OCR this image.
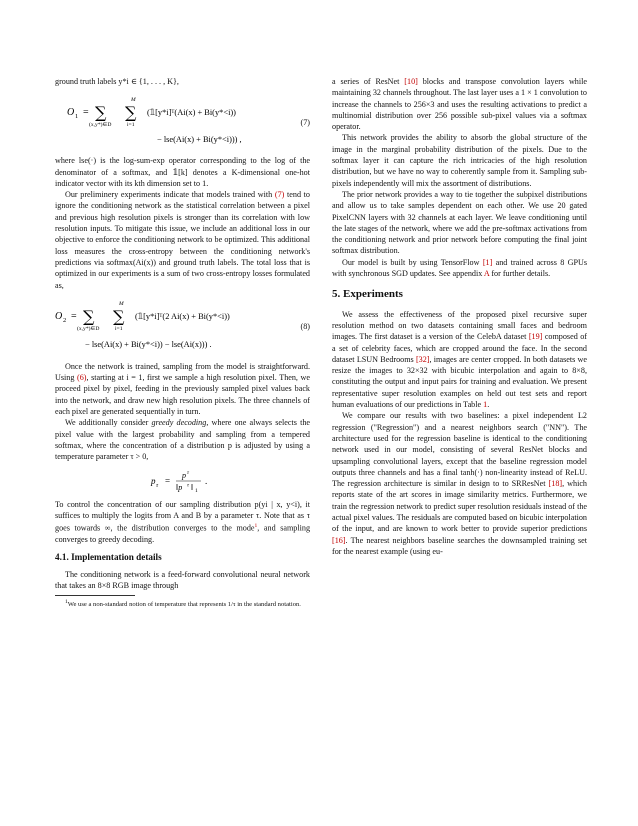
ground truth labels y*i ∈ {1, . . . , K},

O 1 = ∑
(x,y*)∈D
M
∑
i=1
(𝟙[y*i]ᵀ(Ai(x) + Bi(y*<i))
− lse(Ai(x) + Bi(y*<i))) ,
(7)

where lse(·) is the log-sum-exp operator corresponding to the log of the denominator of a softmax, and 𝟙[k] denotes a K-dimensional one-hot indicator vector with its kth dimension set to 1.

Our preliminery experiments indicate that models trained with (7) tend to ignore the conditioning network as the statistical correlation between a pixel and previous high resolution pixels is stronger than its correlation with low resolution inputs. To mitigate this issue, we include an additional loss in our objective to enforce the conditioning network to be optimized. This additional loss measures the cross-entropy between the conditioning network's predictions via softmax(Ai(x)) and ground truth labels. The total loss that is optimized in our experiments is a sum of two cross-entropy losses formulated as,

O 2 = ∑
(x,y*)∈D
M
∑
i=1
(𝟙[y*i]ᵀ(2 Ai(x) + Bi(y*<i))
− lse(Ai(x) + Bi(y*<i)) − lse(Ai(x))) .
(8)

Once the network is trained, sampling from the model is straightforward. Using (6), starting at i = 1, first we sample a high resolution pixel. Then, we proceed pixel by pixel, feeding in the previously sampled pixel values back into the network, and draw new high resolution pixels. The three channels of each pixel are generated sequentially in turn.

We additionally consider greedy decoding, where one always selects the pixel value with the largest probability and sampling from a tempered softmax, where the concentration of a distribution p is adjusted by using a temperature parameter τ > 0,

p τ =
p τ
‖p τ ‖ 1
.

To control the concentration of our sampling distribution p(yi | x, y<i), it suffices to multiply the logits from A and B by a parameter τ. Note that as τ goes towards ∞, the distribution converges to the mode$^1$, and sampling converges to greedy decoding.

4.1. Implementation details

The conditioning network is a feed-forward convolutional neural network that takes an 8×8 RGB image through

$^1$We use a non-standard notion of temperature that represents 1/τ in the standard notation.

a series of ResNet [10] blocks and transpose convolution layers while maintaining 32 channels throughout. The last layer uses a 1 × 1 convolution to increase the channels to 256×3 and uses the resulting activations to predict a multinomial distribution over 256 possible sub-pixel values via a softmax operator.

This network provides the ability to absorb the global structure of the image in the marginal probability distribution of the pixels. Due to the softmax layer it can capture the rich intricacies of the high resolution distribution, but we have no way to coherently sample from it. Sampling sub-pixels independently will mix the assortment of distributions.

The prior network provides a way to tie together the subpixel distributions and allow us to take samples dependent on each other. We use 20 gated PixelCNN layers with 32 channels at each layer. We leave conditioning until the late stages of the network, where we add the pre-softmax activations from the conditioning network and prior network before computing the final joint softmax distribution.

Our model is built by using TensorFlow [1] and trained across 8 GPUs with synchronous SGD updates. See appendix A for further details.

5. Experiments

We assess the effectiveness of the proposed pixel recursive super resolution method on two datasets containing small faces and bedroom images. The first dataset is a version of the CelebA dataset [19] composed of a set of celebrity faces, which are cropped around the face. In the second dataset LSUN Bedrooms [32], images are center cropped. In both datasets we resize the images to 32×32 with bicubic interpolation and again to 8×8, constituting the output and input pairs for training and evaluation. We present representative super resolution examples on held out test sets and report human evaluations of our predictions in Table 1.

We compare our results with two baselines: a pixel independent L2 regression ("Regression") and a nearest neighbors search ("NN"). The architecture used for the regression baseline is identical to the conditioning network used in our model, consisting of several ResNet blocks and upsampling convolutional layers, except that the baseline regression model outputs three channels and has a final tanh(·) non-linearity instead of ReLU. The regression architecture is similar in design to to SRResNet [18], which reports state of the art scores in image similarity metrics. Furthermore, we train the regression network to predict super resolution residuals instead of the actual pixel values. The residuals are computed based on bicubic interpolation of the input, and are known to work better to provide superior predictions [16]. The nearest neighbors baseline searches the downsampled training set for the nearest example (using eu-
